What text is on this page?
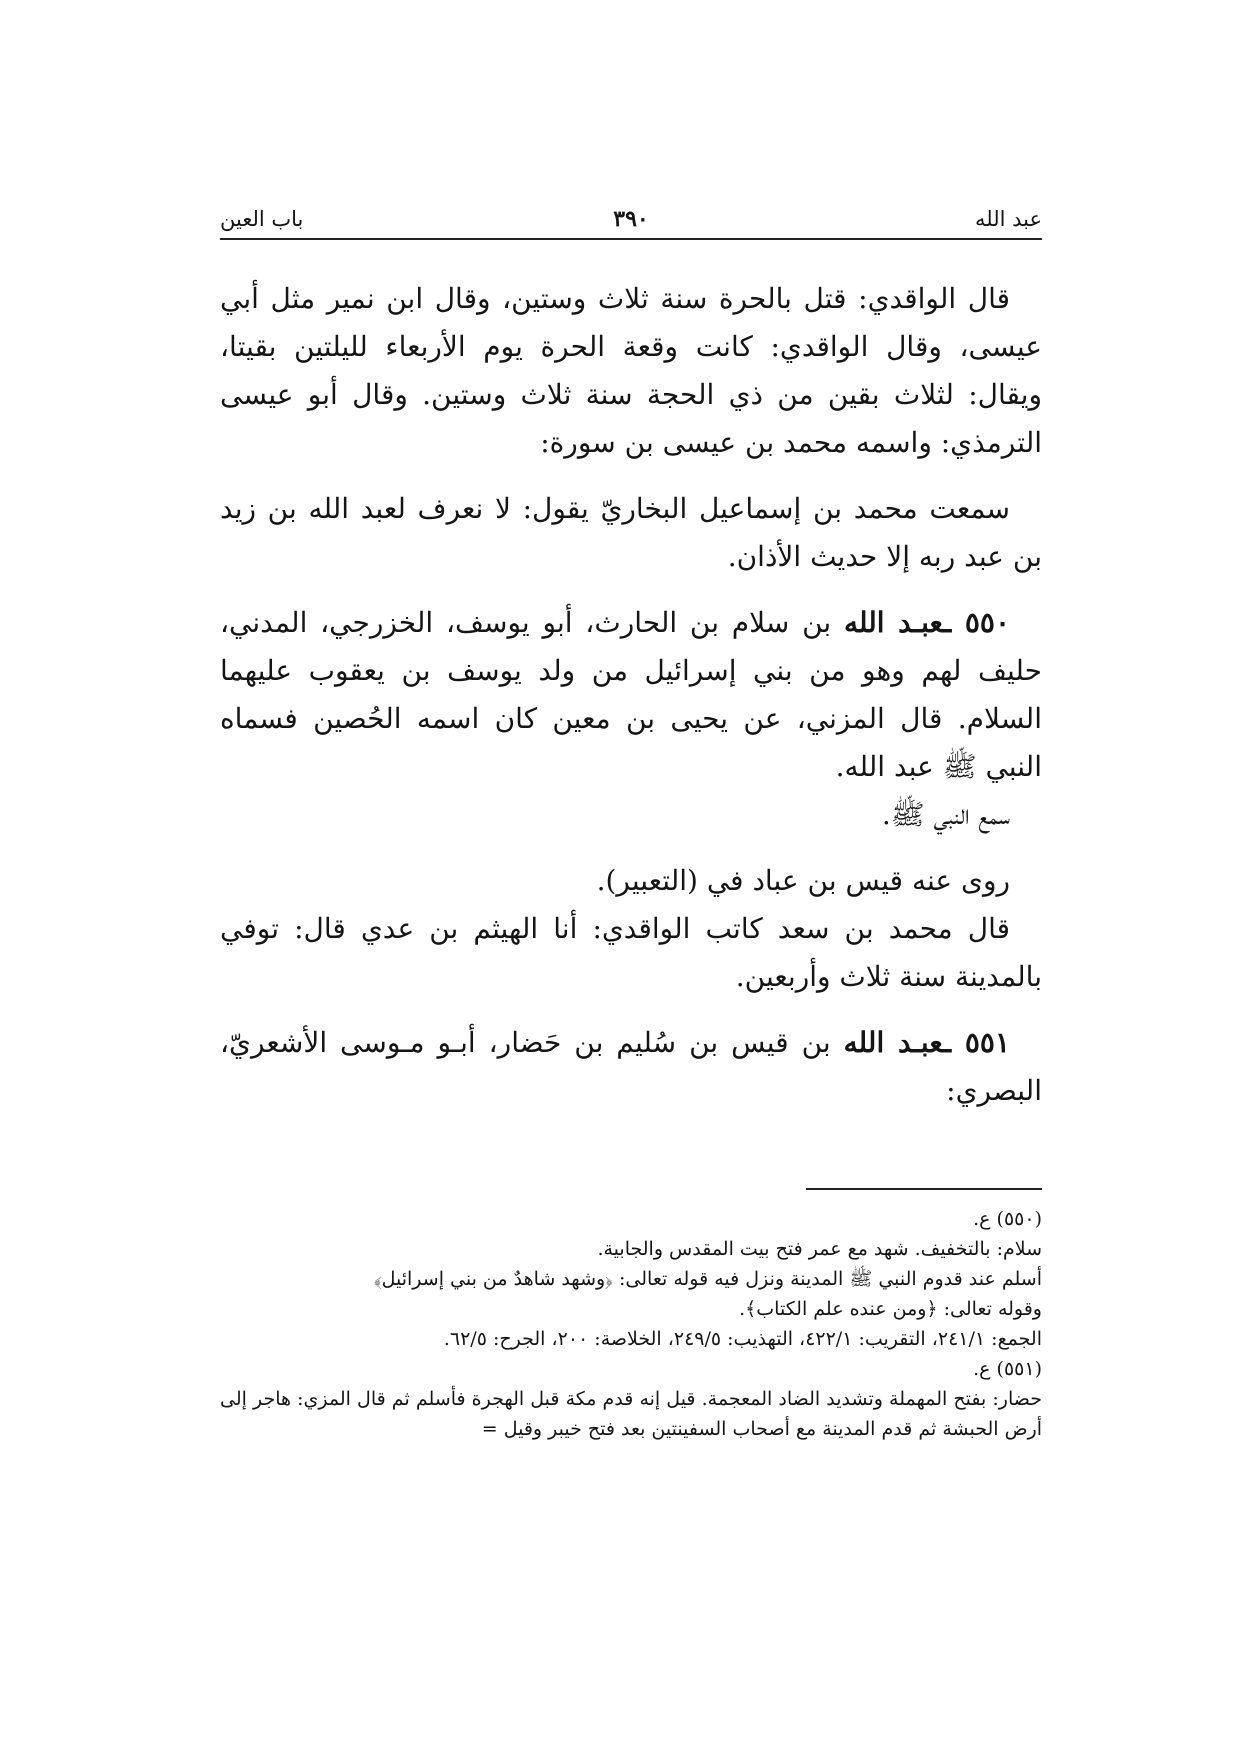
عبد الله
٣٩٠
باب العين

قال الواقدي: قتل بالحرة سنة ثلاث وستين، وقال ابن نمير مثل أبي عيسى، وقال الواقدي: كانت وقعة الحرة يوم الأربعاء لليلتين بقيتا، ويقال: لثلاث بقين من ذي الحجة سنة ثلاث وستين. وقال أبو عيسى الترمذي: واسمه محمد بن عيسى بن سورة:

سمعت محمد بن إسماعيل البخاريّ يقول: لا نعرف لعبد الله بن زيد بن عبد ربه إلا حديث الأذان.

٥٥٠ ـعبـد الله بن سلام بن الحارث، أبو يوسف، الخزرجي، المدني، حليف لهم وهو من بني إسرائيل من ولد يوسف بن يعقوب عليهما السلام. قال المزني، عن يحيى بن معين كان اسمه الحُصين فسماه النبي ﷺ عبد الله.

سمع النبي ﷺ.

روى عنه قيس بن عباد في (التعبير).

قال محمد بن سعد كاتب الواقدي: أنا الهيثم بن عدي قال: توفي بالمدينة سنة ثلاث وأربعين.

٥٥١ ـعبـد الله بن قيس بن سُليم بن حَضار، أبـو مـوسى الأشعريّ، البصري:

(٥٥٠) ع.

سلام: بالتخفيف. شهد مع عمر فتح بيت المقدس والجابية.

أسلم عند قدوم النبي ﷺ المدينة ونزل فيه قوله تعالى: ﴿وشهد شاهدٌ من بني إسرائيل﴾

وقوله تعالى: ﴿ومن عنده علم الكتاب﴾.

الجمع: ٢٤١/١، التقريب: ٤٢٢/١، التهذيب: ٢٤٩/٥، الخلاصة: ٢٠٠، الجرح: ٦٢/٥.

(٥٥١) ع.

حضار: بفتح المهملة وتشديد الضاد المعجمة. قيل إنه قدم مكة قبل الهجرة فأسلم ثم قال المزي: هاجر إلى أرض الحبشة ثم قدم المدينة مع أصحاب السفينتين بعد فتح خيبر وقيل =
